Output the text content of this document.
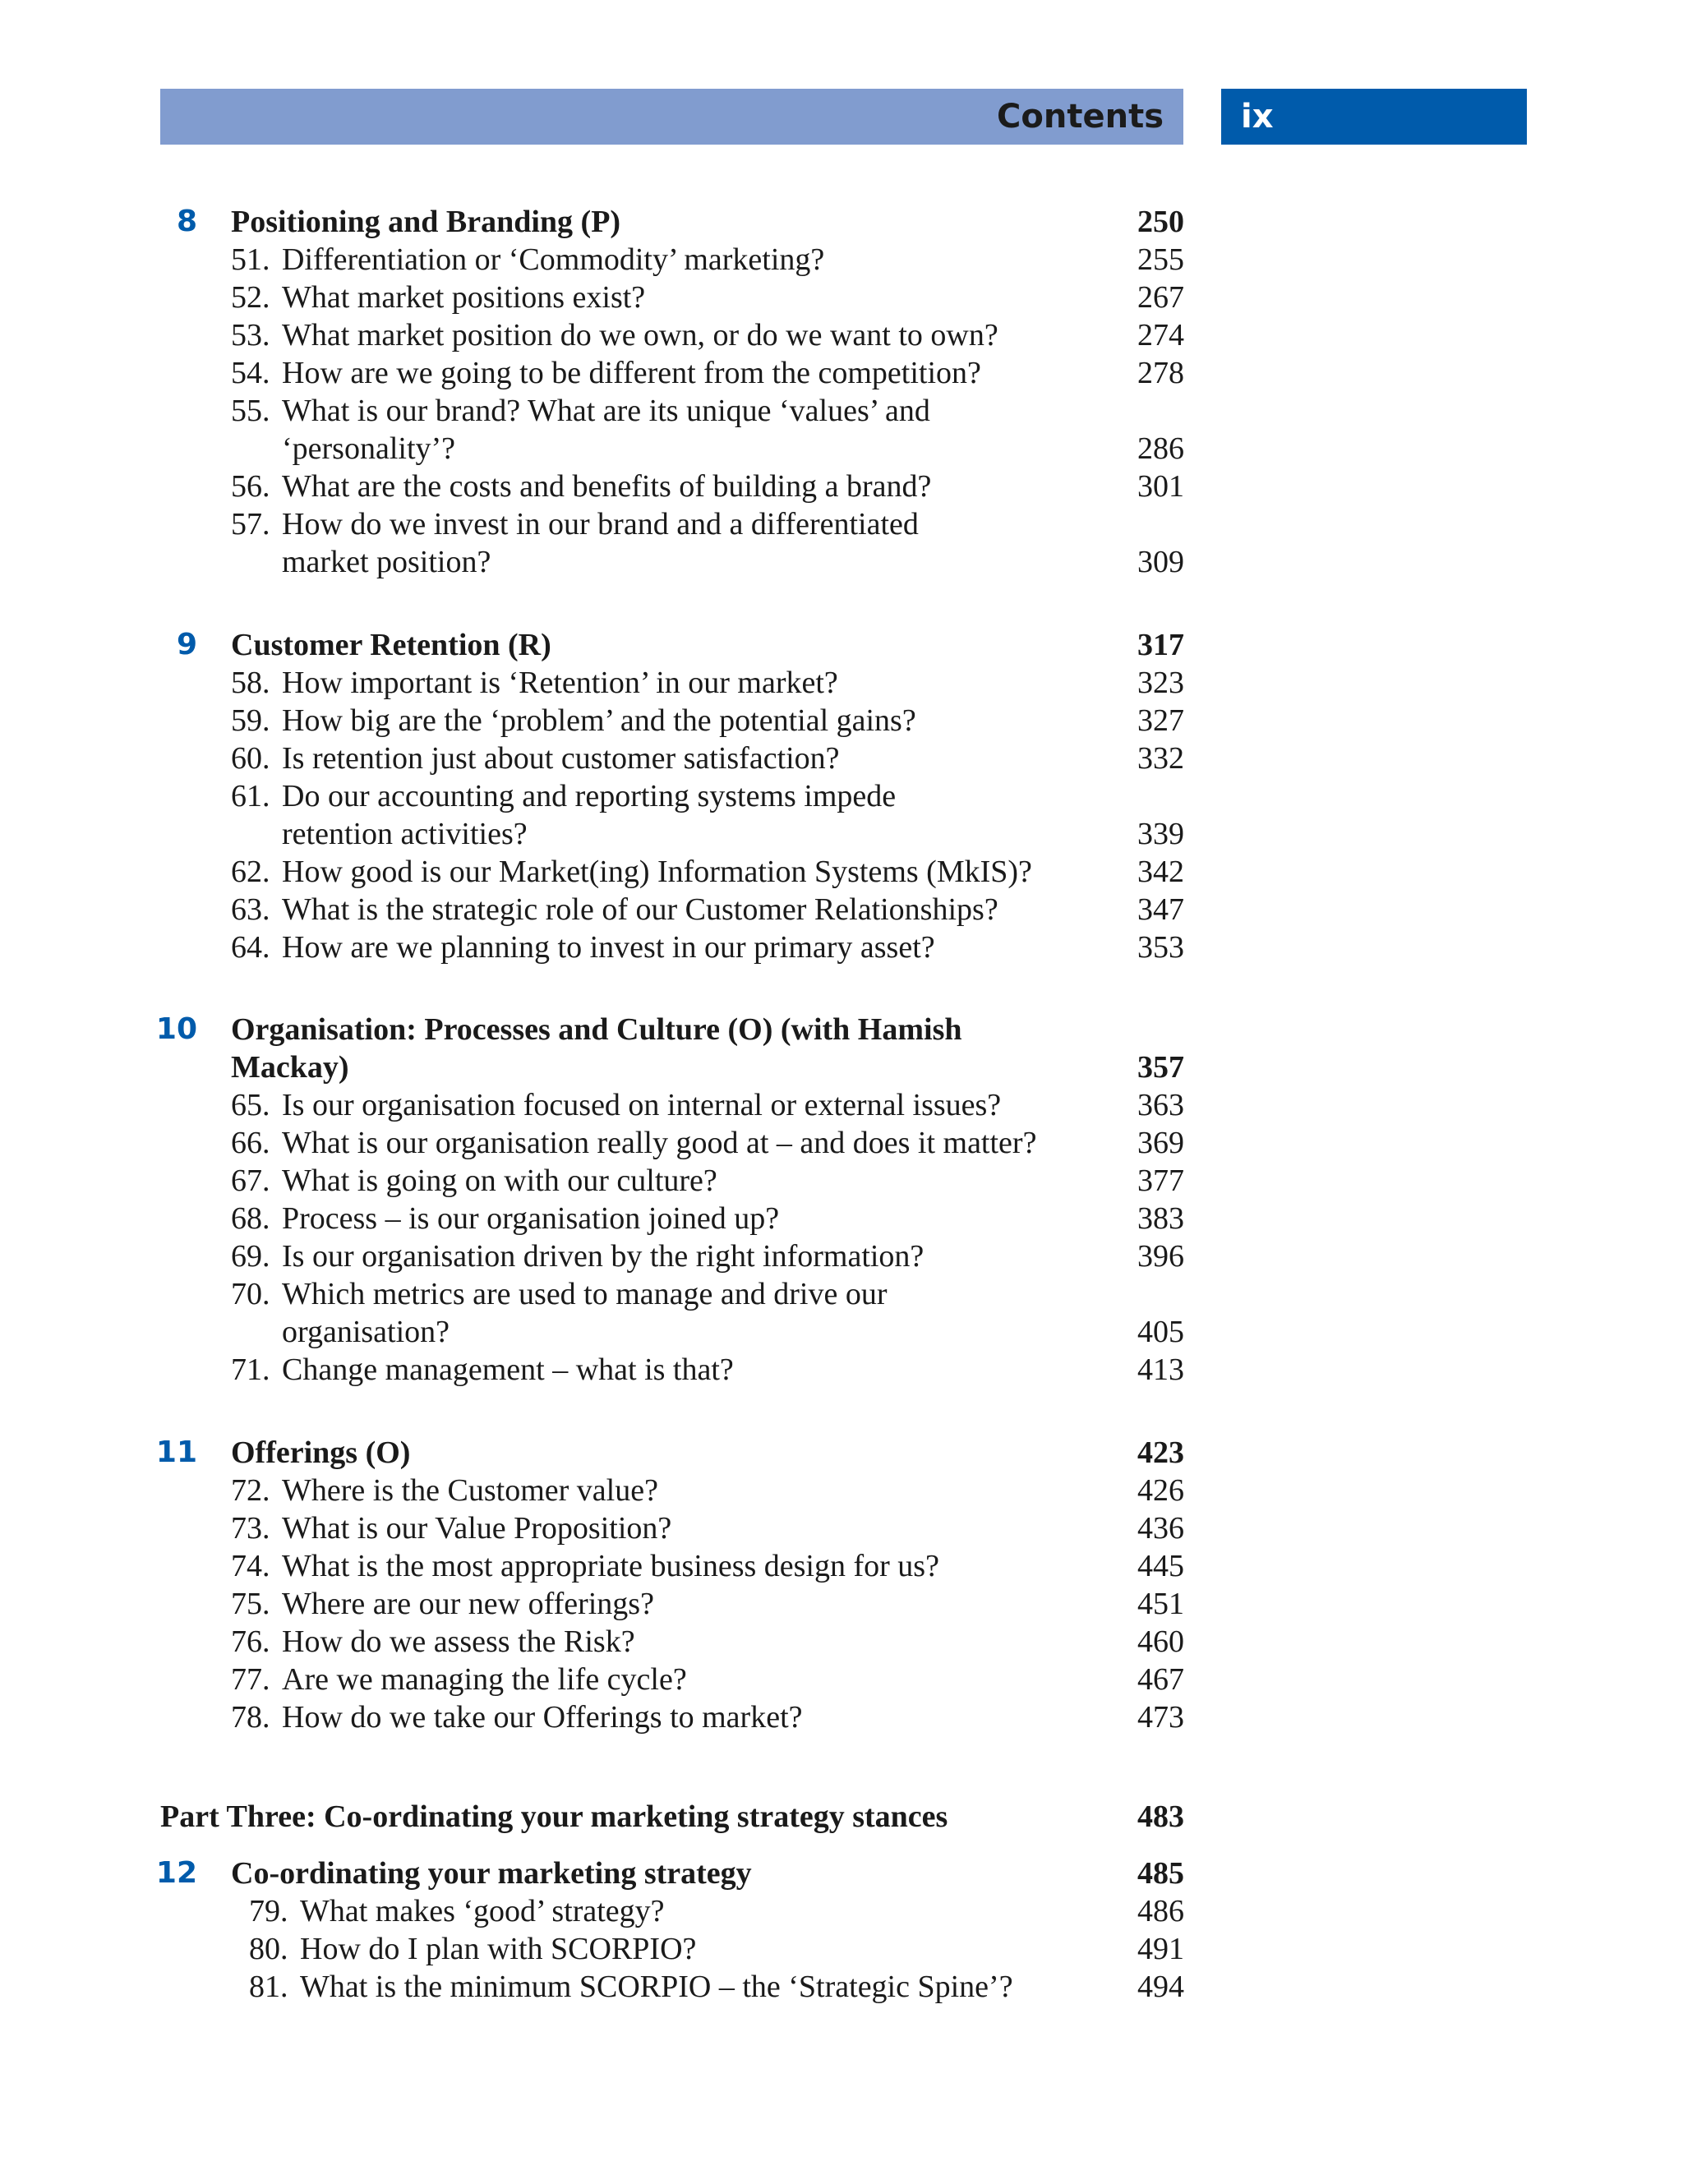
Contents ix
8 Positioning and Branding (P)	250
51. Differentiation or ‘Commodity’ marketing?	255
52. What market positions exist?	267
53. What market position do we own, or do we want to own?	274
54. How are we going to be different from the competition?	278
55. What is our brand? What are its unique ‘values’ and
‘personality’?	286
56. What are the costs and benefits of building a brand?	301
57. How do we invest in our brand and a differentiated
market position?	309
9 Customer Retention (R)	317
58. How important is ‘Retention’ in our market?	323
59. How big are the ‘problem’ and the potential gains?	327
60. Is retention just about customer satisfaction?	332
61. Do our accounting and reporting systems impede
retention activities?	339
62. How good is our Market(ing) Information Systems (MkIS)?	342
63. What is the strategic role of our Customer Relationships?	347
64. How are we planning to invest in our primary asset?	353
10 Organisation: Processes and Culture (O) (with Hamish
Mackay)	357
65. Is our organisation focused on internal or external issues?	363
66. What is our organisation really good at – and does it matter?	369
67. What is going on with our culture?	377
68. Process – is our organisation joined up?	383
69. Is our organisation driven by the right information?	396
70. Which metrics are used to manage and drive our
organisation?	405
71. Change management – what is that?	413
11 Offerings (O)	423
72. Where is the Customer value?	426
73. What is our Value Proposition?	436
74. What is the most appropriate business design for us?	445
75. Where are our new offerings?	451
76. How do we assess the Risk?	460
77. Are we managing the life cycle?	467
78. How do we take our Offerings to market?	473
Part Three: Co-ordinating your marketing strategy stances	483
12 Co-ordinating your marketing strategy	485
79. What makes ‘good’ strategy?	486
80. How do I plan with SCORPIO?	491
81. What is the minimum SCORPIO – the ‘Strategic Spine’?	494
